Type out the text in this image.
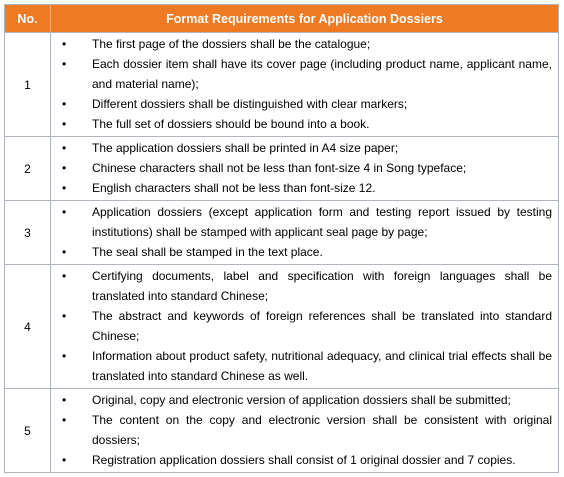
No.	Format Requirements for Application Dossiers
1
• The first page of the dossiers shall be the catalogue;
• Each dossier item shall have its cover page (including product name, applicant name, and material name);
• Different dossiers shall be distinguished with clear markers;
• The full set of dossiers should be bound into a book.
2
• The application dossiers shall be printed in A4 size paper;
• Chinese characters shall not be less than font-size 4 in Song typeface;
• English characters shall not be less than font-size 12.
3
• Application dossiers (except application form and testing report issued by testing institutions) shall be stamped with applicant seal page by page;
• The seal shall be stamped in the text place.
4
• Certifying documents, label and specification with foreign languages shall be translated into standard Chinese;
• The abstract and keywords of foreign references shall be translated into standard Chinese;
• Information about product safety, nutritional adequacy, and clinical trial effects shall be translated into standard Chinese as well.
5
• Original, copy and electronic version of application dossiers shall be submitted;
• The content on the copy and electronic version shall be consistent with original dossiers;
• Registration application dossiers shall consist of 1 original dossier and 7 copies.
